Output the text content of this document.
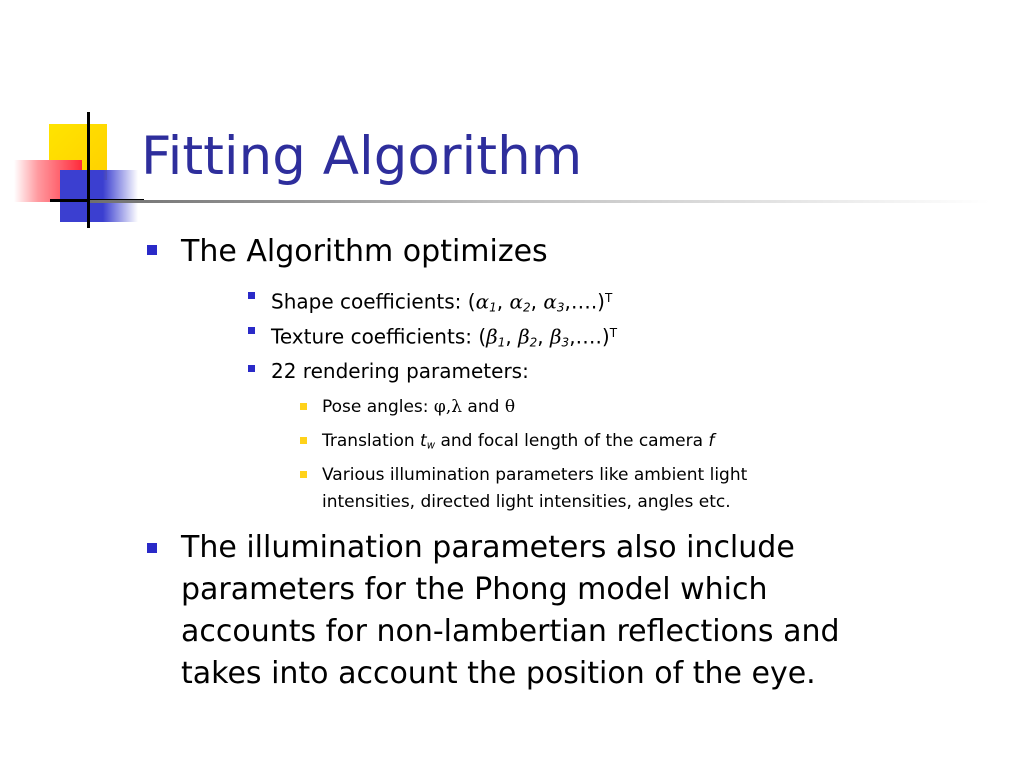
Fitting Algorithm
The Algorithm optimizes
Shape coefficients: ($\alpha_1$, $\alpha_2$, $\alpha_3,\dots.)^T$
Texture coefficients: ($\beta_1$, $\beta_2$, $\beta_3,\dots.)^T$
22 rendering parameters:
Pose angles: φ,λ and θ
Translation $t_w$ and focal length of the camera f
Various illumination parameters like ambient light
intensities, directed light intensities, angles etc.
The illumination parameters also include
parameters for the Phong model which
accounts for non-lambertian reflections and
takes into account the position of the eye.
